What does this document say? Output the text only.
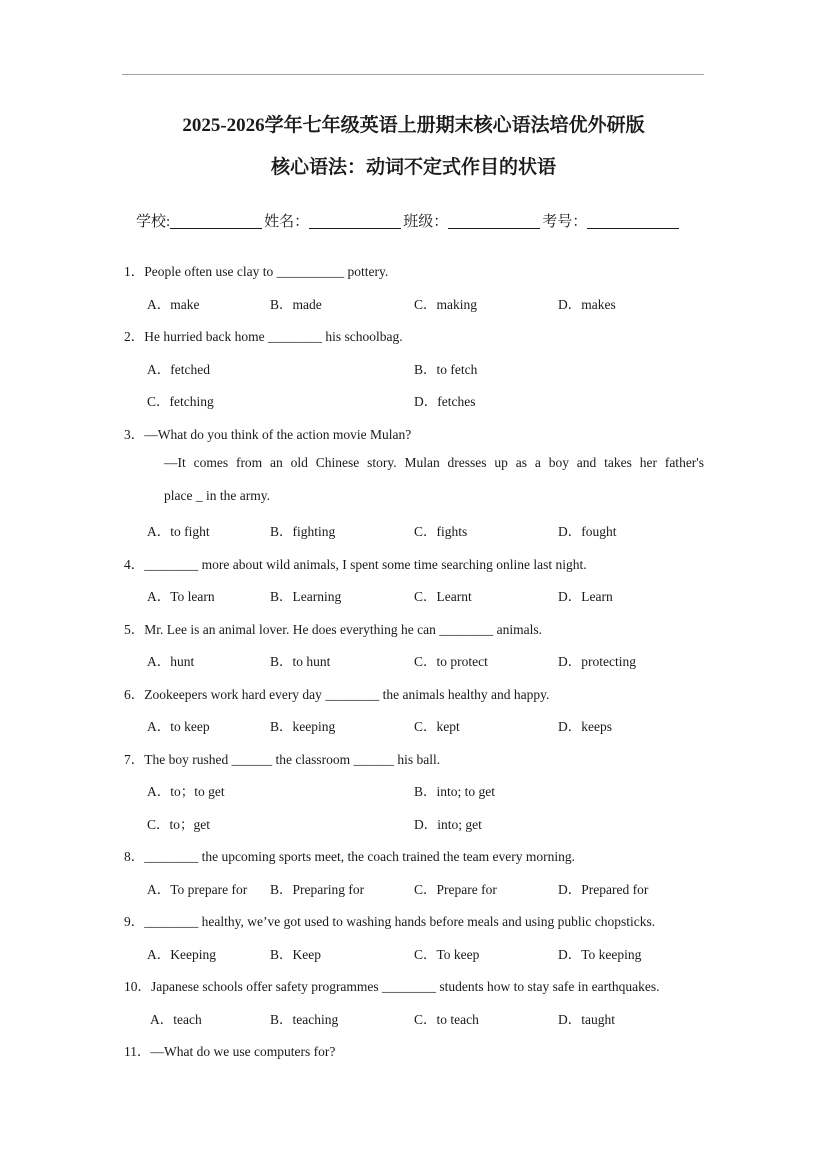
2025-2026学年七年级英语上册期末核心语法培优外研版
核心语法：动词不定式作目的状语
学校:	姓名：	班级：	考号：
1．People often use clay to __________ pottery.
A．make	B．made	C．making	D．makes
2．He hurried back home ________ his schoolbag.
A．fetched	B．to fetch
C．fetching	D．fetches
3．—What do you think of the action movie Mulan?
—It comes from an old Chinese story. Mulan dresses up as a boy and takes her father's
place _ in the army.
A．to fight	B．fighting	C．fights	D．fought
4．________ more about wild animals, I spent some time searching online last night.
A．To learn	B．Learning	C．Learnt	D．Learn
5．Mr. Lee is an animal lover. He does everything he can ________ animals.
A．hunt	B．to hunt	C．to protect	D．protecting
6．Zookeepers work hard every day ________ the animals healthy and happy.
A．to keep	B．keeping	C．kept	D．keeps
7．The boy rushed ______ the classroom ______ his ball.
A．to；to get	B．into; to get
C．to；get	D．into; get
8．________ the upcoming sports meet, the coach trained the team every morning.
A．To prepare for B．Preparing for	C．Prepare for	D．Prepared for
9．________ healthy, we’ve got used to washing hands before meals and using public chopsticks.
A．Keeping	B．Keep	C．To keep	D．To keeping
10．Japanese schools offer safety programmes ________ students how to stay safe in earthquakes.
A．teach	B．teaching	C．to teach	D．taught
11．—What do we use computers for?
